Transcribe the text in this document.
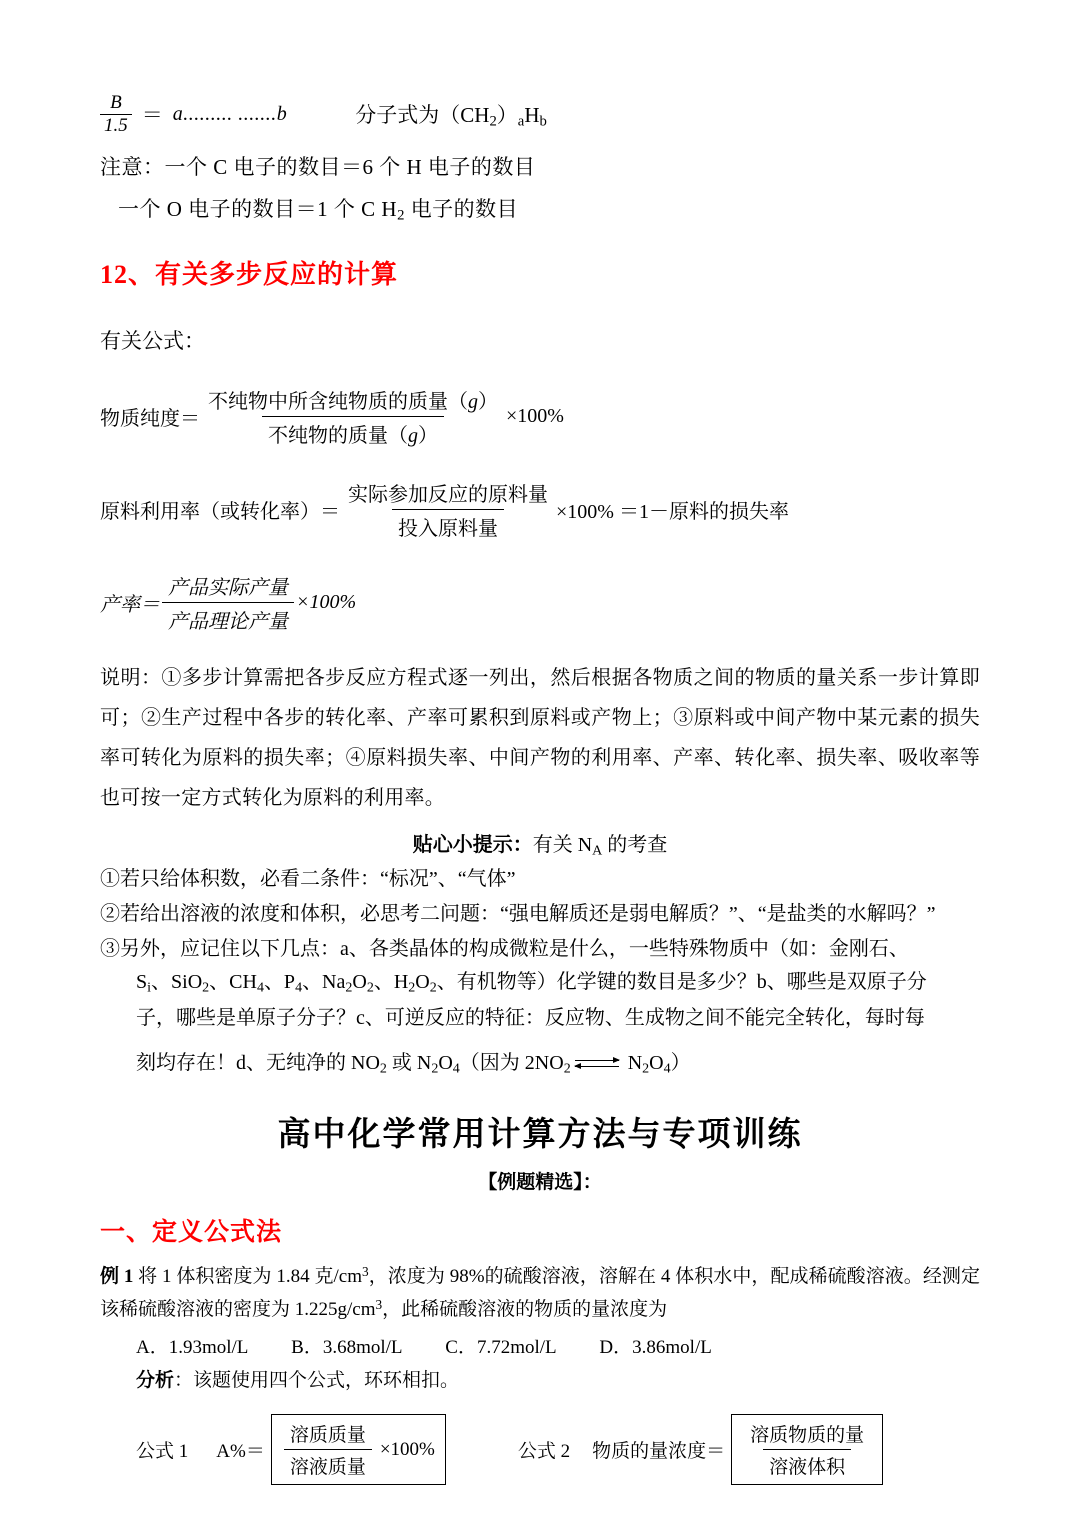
$\frac{B}{1.5} = a$......... .......b	分子式为$(CH_2)_aH_b$
注意：一个 C 电子的数目＝6 个 H 电子的数目
一个 O 电子的数目＝1 个 C $H_2$ 电子的数目
12、有关多步反应的计算
有关公式：
物质纯度＝ $\frac{\text{不纯物中所含纯物质的质量（g）}}{\text{不纯物的质量（g）}} \times 100\%$
原料利用率（或转化率）＝ $\frac{\text{实际参加反应的原料量}}{\text{投入原料量}} \times 100\% =1-$原料的损失率
产率＝ $\frac{\text{产品实际产量}}{\text{产品理论产量}} \times 100\%$
说明：①多步计算需把各步反应方程式逐一列出，然后根据各物质之间的物质的量关系一步计算即可；②生产过程中各步的转化率、产率可累积到原料或产物上；③原料或中间产物中某元素的损失率可转化为原料的损失率；④原料损失率、中间产物的利用率、产率、转化率、损失率、吸收率等也可按一定方式转化为原料的利用率。
贴心小提示：有关 $N_A$ 的考查
①若只给体积数，必看二条件：“标况”、“气体”
②若给出溶液的浓度和体积，必思考二问题：“强电解质还是弱电解质？”、“是盐类的水解吗？”
③另外，应记住以下几点：a、各类晶体的构成微粒是什么，一些特殊物质中（如：金刚石、
$S_i$、SiO$_2$、$CH_4$、$P_4$、$Na_2O_2$、$H_2O_2$、有机物等）化学键的数目是多少？b、哪些是双原子分
子，哪些是单原子分子？c、可逆反应的特征：反应物、生成物之间不能完全转化，每时每
刻均存在！d、无纯净的 $NO_2$ 或 $N_2O_4$（因为 $2NO_2$	$N_2O_4$）
高中化学常用计算方法与专项训练
【例题精选】：
一、定义公式法
例 1 将 1 体积密度为 1.84 克$/cm^3$，浓度为 98%的硫酸溶液，溶解在 4 体积水中，配成稀硫酸溶液。经测定该稀硫酸溶液的密度为 $1.225g/cm^3$，此稀硫酸溶液的物质的量浓度为
A．1.93mol/L B．3.68mol/L C．7.72mol/L D．3.86mol/L
分析：该题使用四个公式，环环相扣。
公式 1 $A\%= \frac{\text{溶质质量}}{\text{溶液质量}} \times 100\%$	公式 2 物质的量浓度＝ $\frac{\text{溶质物质的量}}{\text{溶液体积}}$
